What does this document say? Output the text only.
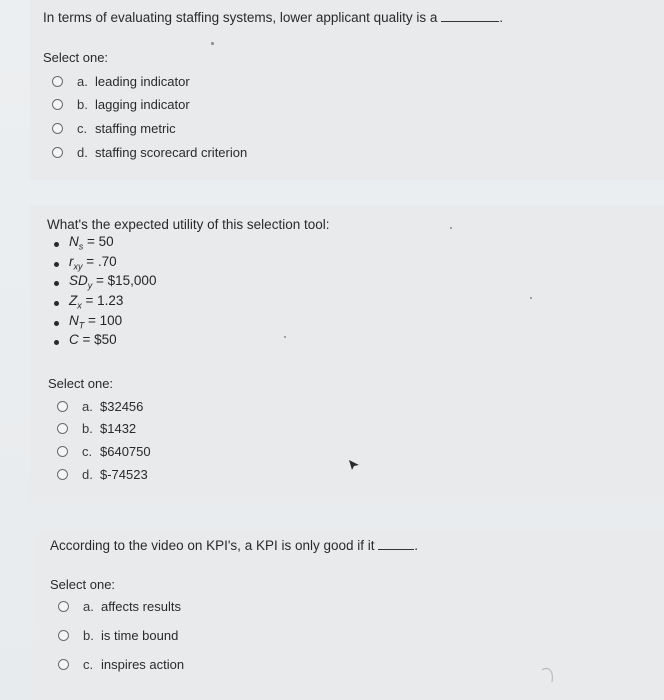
In terms of evaluating staffing systems, lower applicant quality is a	.
Select one:
a. leading indicator
b. lagging indicator
c. staffing metric
d. staffing scorecard criterion
What's the expected utility of this selection tool:
$N_s = 50$
$r_{xy} = .70$
$SD_y$ = $15,000
$Z_x = 1.23$
$N_T = 100$
C = $50
Select one:
a. $32456
b. $1432
c. $640750
d. $-74523
According to the video on KPI's, a KPI is only good if it	.
Select one:
a. affects results
b. is time bound
c. inspires action
